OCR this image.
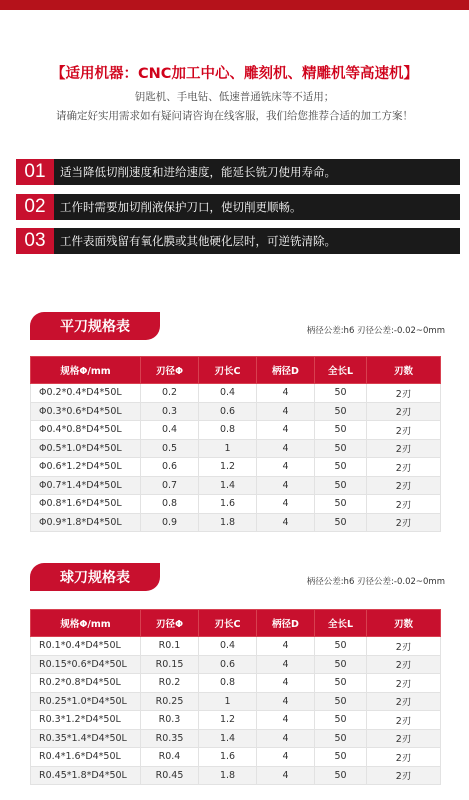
【适用机器：CNC加工中心、雕刻机、精雕机等高速机】
钥匙机、手电钻、低速普通铣床等不适用；
请确定好实用需求如有疑问请咨询在线客服，我们给您推荐合适的加工方案！
01	适当降低切削速度和进给速度，能延长铣刀使用寿命。
02	工作时需要加切削液保护刀口，使切削更顺畅。
03	工件表面残留有氧化膜或其他硬化层时，可逆铣清除。
平刀规格表	柄径公差:h6 刃径公差:-0.02~0mm
规格Φ/mm	刃径Φ	刃长C	柄径D	全长L	刃数
Φ0.2*0.4*D4*50L	0.2	0.4	4	50	2刃
Φ0.3*0.6*D4*50L	0.3	0.6	4	50	2刃
Φ0.4*0.8*D4*50L	0.4	0.8	4	50	2刃
Φ0.5*1.0*D4*50L	0.5	1	4	50	2刃
Φ0.6*1.2*D4*50L	0.6	1.2	4	50	2刃
Φ0.7*1.4*D4*50L	0.7	1.4	4	50	2刃
Φ0.8*1.6*D4*50L	0.8	1.6	4	50	2刃
Φ0.9*1.8*D4*50L	0.9	1.8	4	50	2刃
球刀规格表	柄径公差:h6 刃径公差:-0.02~0mm
规格Φ/mm	刃径Φ	刃长C	柄径D	全长L	刃数
R0.1*0.4*D4*50L	R0.1	0.4	4	50	2刃
R0.15*0.6*D4*50L	R0.15	0.6	4	50	2刃
R0.2*0.8*D4*50L	R0.2	0.8	4	50	2刃
R0.25*1.0*D4*50L	R0.25	1	4	50	2刃
R0.3*1.2*D4*50L	R0.3	1.2	4	50	2刃
R0.35*1.4*D4*50L	R0.35	1.4	4	50	2刃
R0.4*1.6*D4*50L	R0.4	1.6	4	50	2刃
R0.45*1.8*D4*50L	R0.45	1.8	4	50	2刃
